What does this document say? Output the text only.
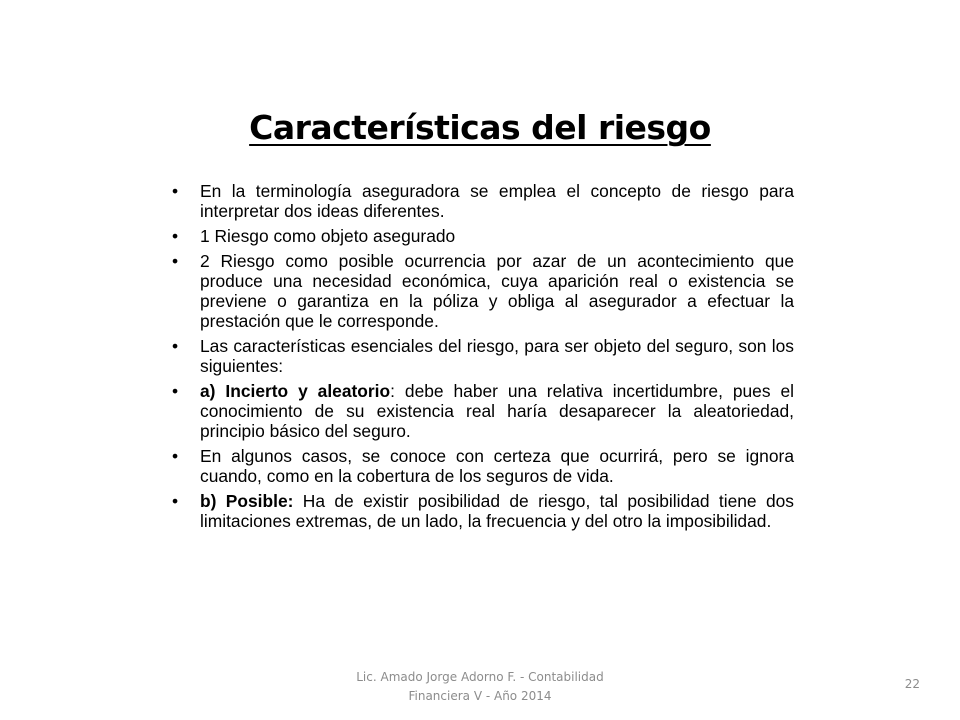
Características del riesgo
• En la terminología aseguradora se emplea el concepto de riesgo para interpretar dos ideas diferentes.
• 1 Riesgo como objeto asegurado
• 2 Riesgo como posible ocurrencia por azar de un acontecimiento que produce una necesidad económica, cuya aparición real o existencia se previene o garantiza en la póliza y obliga al asegurador a efectuar la prestación que le corresponde.
• Las características esenciales del riesgo, para ser objeto del seguro, son los siguientes:
• a) Incierto y aleatorio: debe haber una relativa incertidumbre, pues el conocimiento de su existencia real haría desaparecer la aleatoriedad, principio básico del seguro.
• En algunos casos, se conoce con certeza que ocurrirá, pero se ignora cuando, como en la cobertura de los seguros de vida.
• b) Posible: Ha de existir posibilidad de riesgo, tal posibilidad tiene dos limitaciones extremas, de un lado, la frecuencia y del otro la imposibilidad.
Lic. Amado Jorge Adorno F. - Contabilidad
Financiera V - Año 2014
22
